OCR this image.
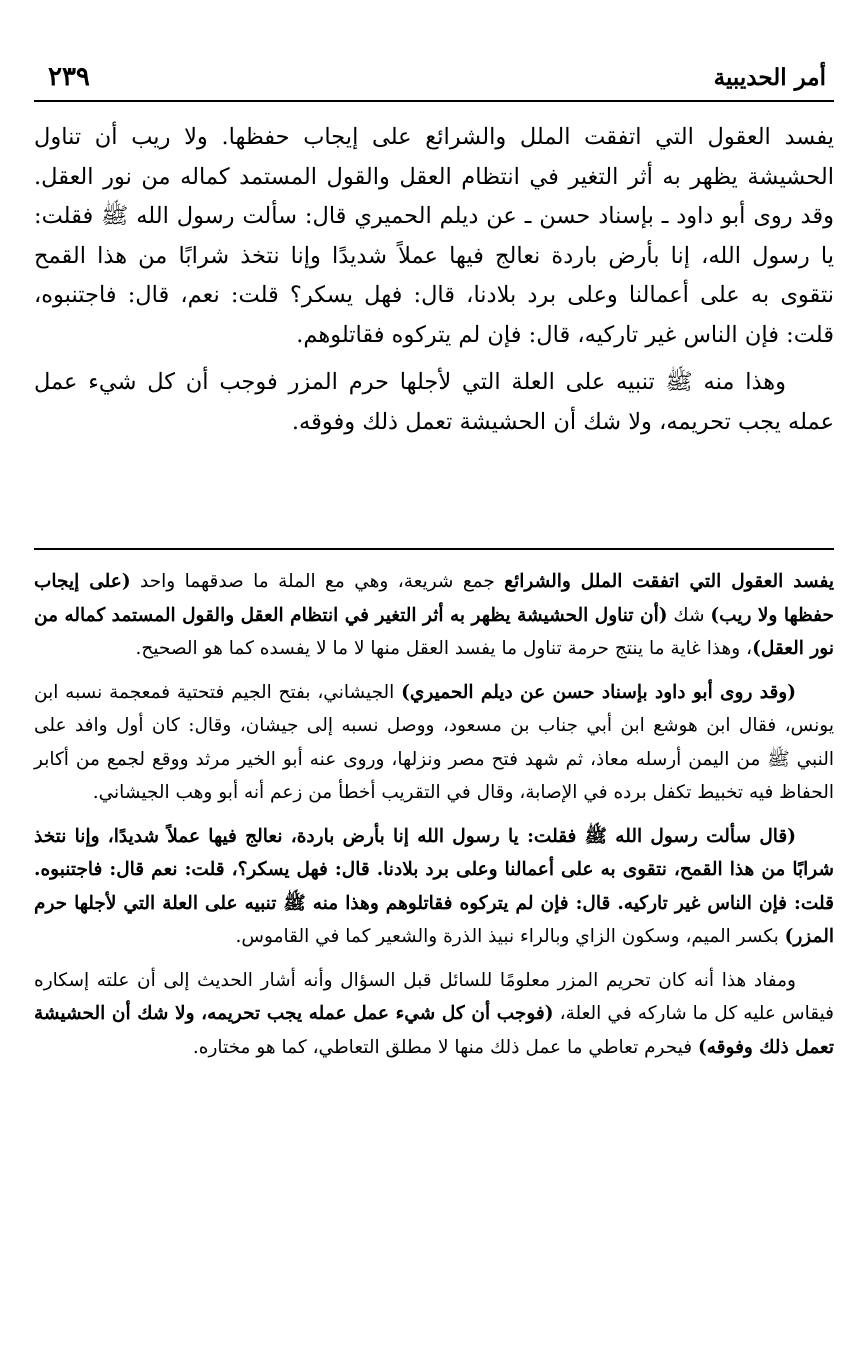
أمر الحديبية
٢٣٩

يفسد العقول التي اتفقت الملل والشرائع على إيجاب حفظها. ولا ريب أن تناول الحشيشة يظهر به أثر التغير في انتظام العقل والقول المستمد كماله من نور العقل. وقد روى أبو داود ـ بإسناد حسن ـ عن ديلم الحميري قال: سألت رسول الله ﷺ فقلت: يا رسول الله، إنا بأرض باردة نعالج فيها عملاً شديدًا وإنا نتخذ شرابًا من هذا القمح نتقوى به على أعمالنا وعلى برد بلادنا، قال: فهل يسكر؟ قلت: نعم، قال: فاجتنبوه، قلت: فإن الناس غير تاركيه، قال: فإن لم يتركوه فقاتلوهم.

وهذا منه ﷺ تنبيه على العلة التي لأجلها حرم المزر فوجب أن كل شيء عمل عمله يجب تحريمه، ولا شك أن الحشيشة تعمل ذلك وفوقه.

يفسد العقول التي اتفقت الملل والشرائع جمع شريعة، وهي مع الملة ما صدقهما واحد (على إيجاب حفظها ولا ريب) شك (أن تناول الحشيشة يظهر به أثر التغير في انتظام العقل والقول المستمد كماله من نور العقل)، وهذا غاية ما ينتج حرمة تناول ما يفسد العقل منها لا ما لا يفسده كما هو الصحيح.

(وقد روى أبو داود بإسناد حسن عن ديلم الحميري) الجيشاني، بفتح الجيم فتحتية فمعجمة نسبه ابن يونس، فقال ابن هوشع ابن أبي جناب بن مسعود، ووصل نسبه إلى جيشان، وقال: كان أول وافد على النبي ﷺ من اليمن أرسله معاذ، ثم شهد فتح مصر ونزلها، وروى عنه أبو الخير مرثد ووقع لجمع من أكابر الحفاظ فيه تخبيط تكفل برده في الإصابة، وقال في التقريب أخطأ من زعم أنه أبو وهب الجيشاني.

(قال سألت رسول الله ﷺ فقلت: يا رسول الله إنا بأرض باردة، نعالج فيها عملاً شديدًا، وإنا نتخذ شرابًا من هذا القمح، نتقوى به على أعمالنا وعلى برد بلادنا. قال: فهل يسكر؟، قلت: نعم قال: فاجتنبوه. قلت: فإن الناس غير تاركيه. قال: فإن لم يتركوه فقاتلوهم وهذا منه ﷺ تنبيه على العلة التي لأجلها حرم المزر) بكسر الميم، وسكون الزاي وبالراء نبيذ الذرة والشعير كما في القاموس.

ومفاد هذا أنه كان تحريم المزر معلومًا للسائل قبل السؤال وأنه أشار الحديث إلى أن علته إسكاره فيقاس عليه كل ما شاركه في العلة، (فوجب أن كل شيء عمل عمله يجب تحريمه، ولا شك أن الحشيشة تعمل ذلك وفوقه) فيحرم تعاطي ما عمل ذلك منها لا مطلق التعاطي، كما هو مختاره.
